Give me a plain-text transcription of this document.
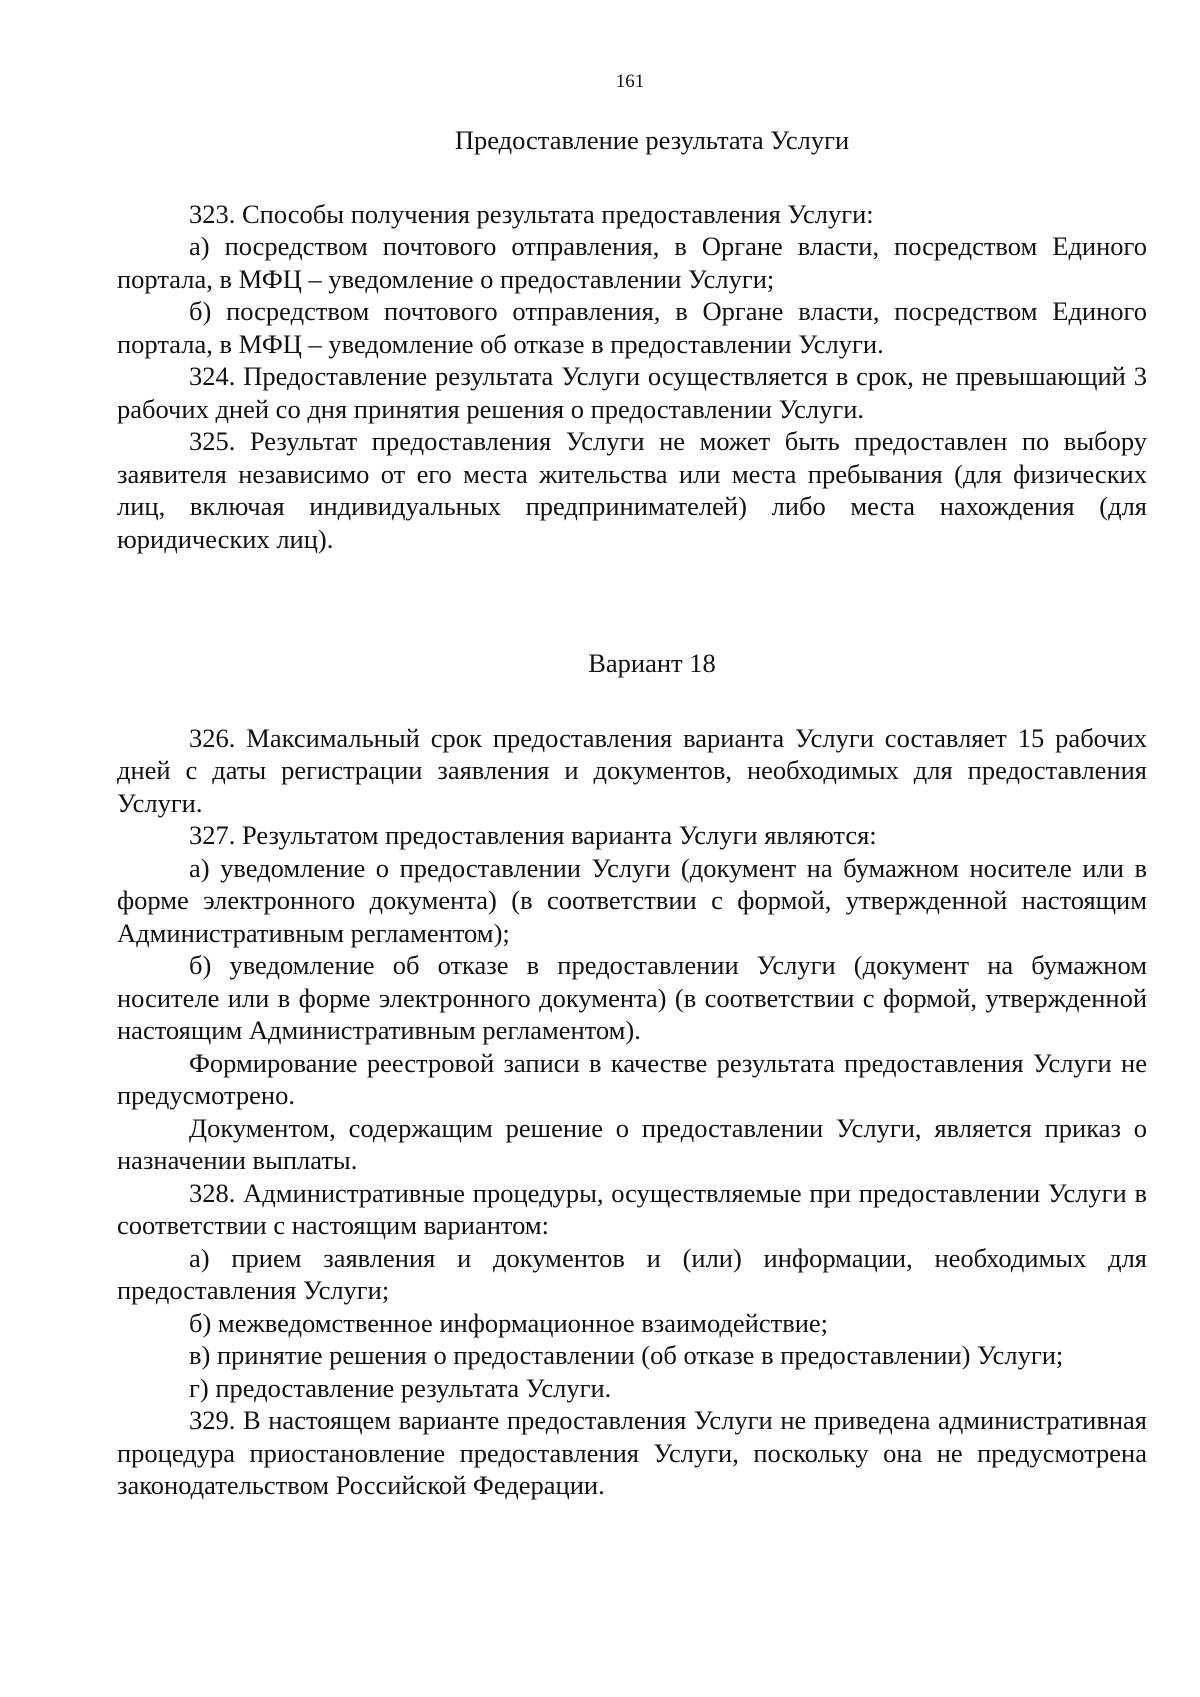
161

Предоставление результата Услуги

323. Способы получения результата предоставления Услуги:

а) посредством почтового отправления, в Органе власти, посредством Единого портала, в МФЦ – уведомление о предоставлении Услуги;

б) посредством почтового отправления, в Органе власти, посредством Единого портала, в МФЦ – уведомление об отказе в предоставлении Услуги.

324. Предоставление результата Услуги осуществляется в срок, не превышающий 3 рабочих дней со дня принятия решения о предоставлении Услуги.

325. Результат предоставления Услуги не может быть предоставлен по выбору заявителя независимо от его места жительства или места пребывания (для физических лиц, включая индивидуальных предпринимателей) либо места нахождения (для юридических лиц).

Вариант 18

326. Максимальный срок предоставления варианта Услуги составляет 15 рабочих дней с даты регистрации заявления и документов, необходимых для предоставления Услуги.

327. Результатом предоставления варианта Услуги являются:

а) уведомление о предоставлении Услуги (документ на бумажном носителе или в форме электронного документа) (в соответствии с формой, утвержденной настоящим Административным регламентом);

б) уведомление об отказе в предоставлении Услуги (документ на бумажном носителе или в форме электронного документа) (в соответствии с формой, утвержденной настоящим Административным регламентом).

Формирование реестровой записи в качестве результата предоставления Услуги не предусмотрено.

Документом, содержащим решение о предоставлении Услуги, является приказ о назначении выплаты.

328. Административные процедуры, осуществляемые при предоставлении Услуги в соответствии с настоящим вариантом:

а) прием заявления и документов и (или) информации, необходимых для предоставления Услуги;

б) межведомственное информационное взаимодействие;

в) принятие решения о предоставлении (об отказе в предоставлении) Услуги;

г) предоставление результата Услуги.

329. В настоящем варианте предоставления Услуги не приведена административная процедура приостановление предоставления Услуги, поскольку она не предусмотрена законодательством Российской Федерации.
